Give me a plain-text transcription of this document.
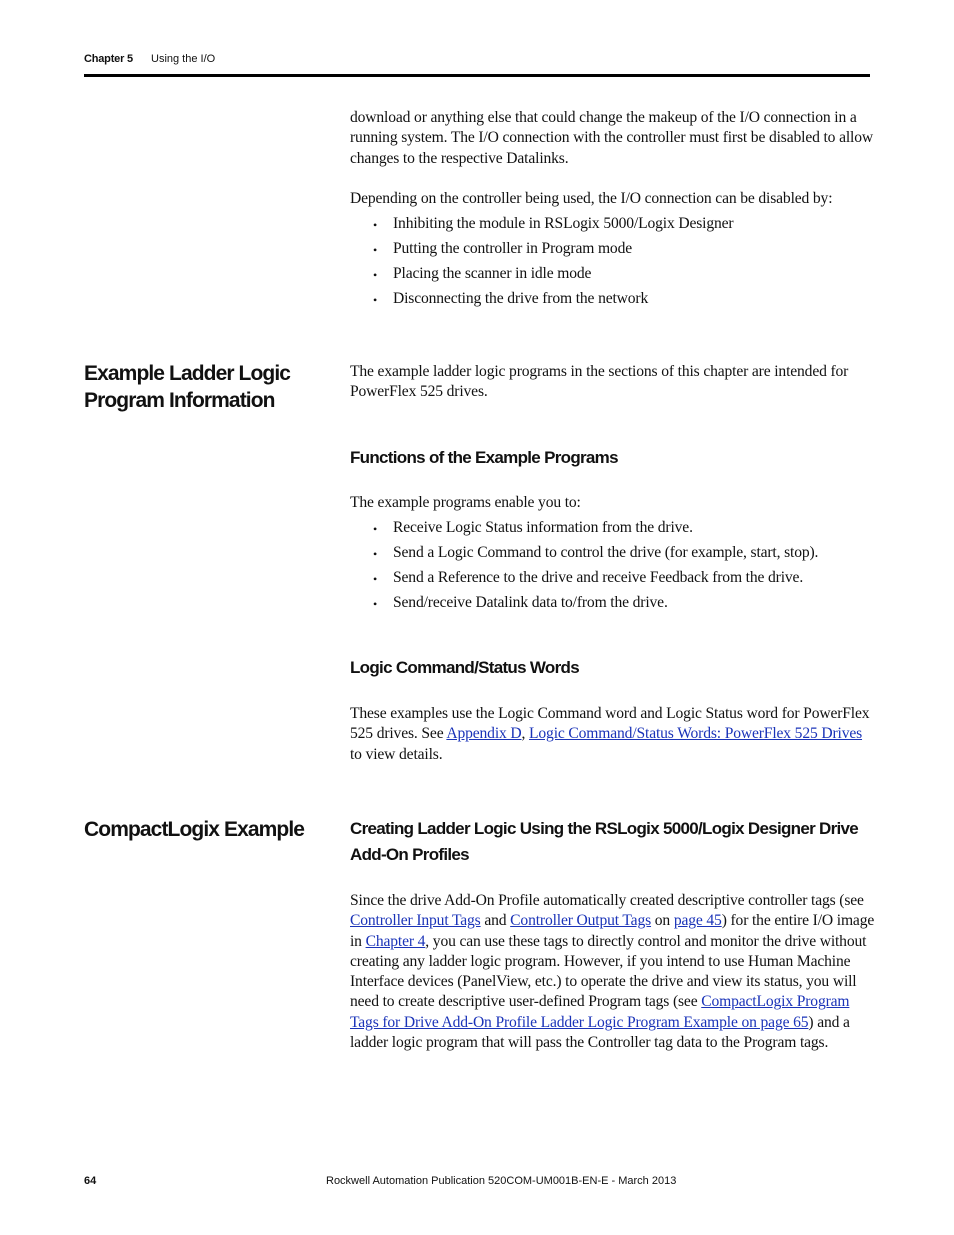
Chapter 5 Using the I/O

download or anything else that could change the makeup of the I/O connection in a running system. The I/O connection with the controller must first be disabled to allow changes to the respective Datalinks.

Depending on the controller being used, the I/O connection can be disabled by:

• Inhibiting the module in RSLogix 5000/Logix Designer
• Putting the controller in Program mode
• Placing the scanner in idle mode
• Disconnecting the drive from the network
Example Ladder Logic
Program Information

The example ladder logic programs in the sections of this chapter are intended for PowerFlex 525 drives.

Functions of the Example Programs

The example programs enable you to:

• Receive Logic Status information from the drive.
• Send a Logic Command to control the drive (for example, start, stop).
• Send a Reference to the drive and receive Feedback from the drive.
• Send/receive Datalink data to/from the drive.
Logic Command/Status Words

These examples use the Logic Command word and Logic Status word for PowerFlex 525 drives. See Appendix D, Logic Command/Status Words: PowerFlex 525 Drives to view details.

CompactLogix Example	Creating Ladder Logic Using the RSLogix 5000/Logix Designer Drive
Add-On Profiles

Since the drive Add-On Profile automatically created descriptive controller tags (see Controller Input Tags and Controller Output Tags on page 45) for the entire I/O image in Chapter 4, you can use these tags to directly control and monitor the drive without creating any ladder logic program. However, if you intend to use Human Machine Interface devices (PanelView, etc.) to operate the drive and view its status, you will need to create descriptive user-defined Program tags (see CompactLogix Program Tags for Drive Add-On Profile Ladder Logic Program Example on page 65) and a ladder logic program that will pass the Controller tag data to the Program tags.

64	Rockwell Automation Publication 520COM-UM001B-EN-E - March 2013
